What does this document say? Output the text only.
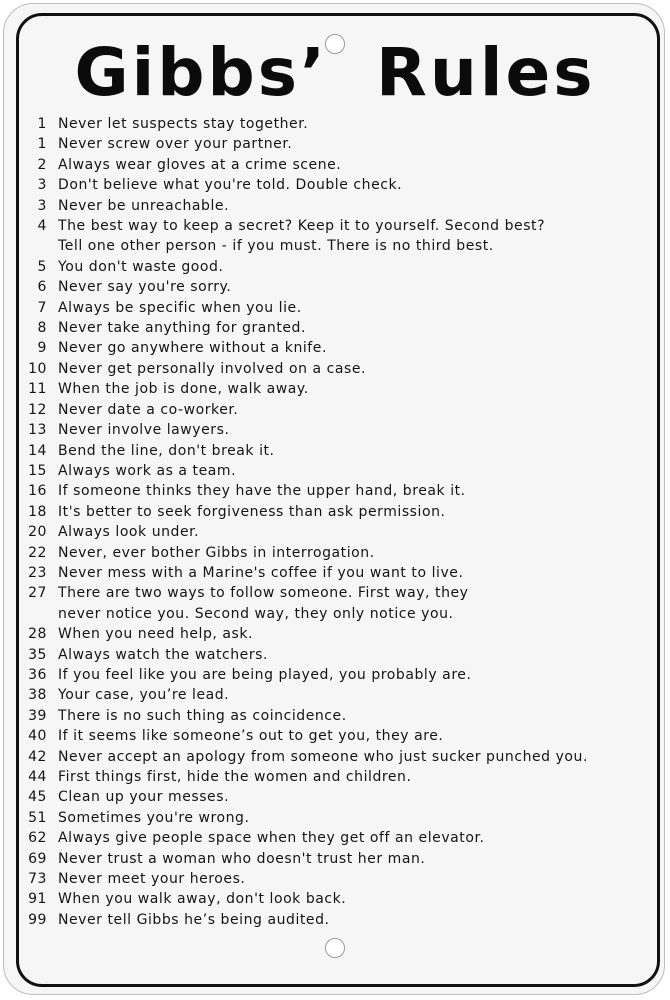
Gibbs’ Rules
1 Never let suspects stay together.
1 Never screw over your partner.
2 Always wear gloves at a crime scene.
3 Don't believe what you're told. Double check.
3 Never be unreachable.
4 The best way to keep a secret? Keep it to yourself. Second best?
Tell one other person - if you must. There is no third best.
5 You don't waste good.
6 Never say you're sorry.
7 Always be specific when you lie.
8 Never take anything for granted.
9 Never go anywhere without a knife.
10 Never get personally involved on a case.
11 When the job is done, walk away.
12 Never date a co-worker.
13 Never involve lawyers.
14 Bend the line, don't break it.
15 Always work as a team.
16 If someone thinks they have the upper hand, break it.
18 It's better to seek forgiveness than ask permission.
20 Always look under.
22 Never, ever bother Gibbs in interrogation.
23 Never mess with a Marine's coffee if you want to live.
27 There are two ways to follow someone. First way, they
never notice you. Second way, they only notice you.
28 When you need help, ask.
35 Always watch the watchers.
36 If you feel like you are being played, you probably are.
38 Your case, you’re lead.
39 There is no such thing as coincidence.
40 If it seems like someone’s out to get you, they are.
42 Never accept an apology from someone who just sucker punched you.
44 First things first, hide the women and children.
45 Clean up your messes.
51 Sometimes you're wrong.
62 Always give people space when they get off an elevator.
69 Never trust a woman who doesn't trust her man.
73 Never meet your heroes.
91 When you walk away, don't look back.
99 Never tell Gibbs he’s being audited.
